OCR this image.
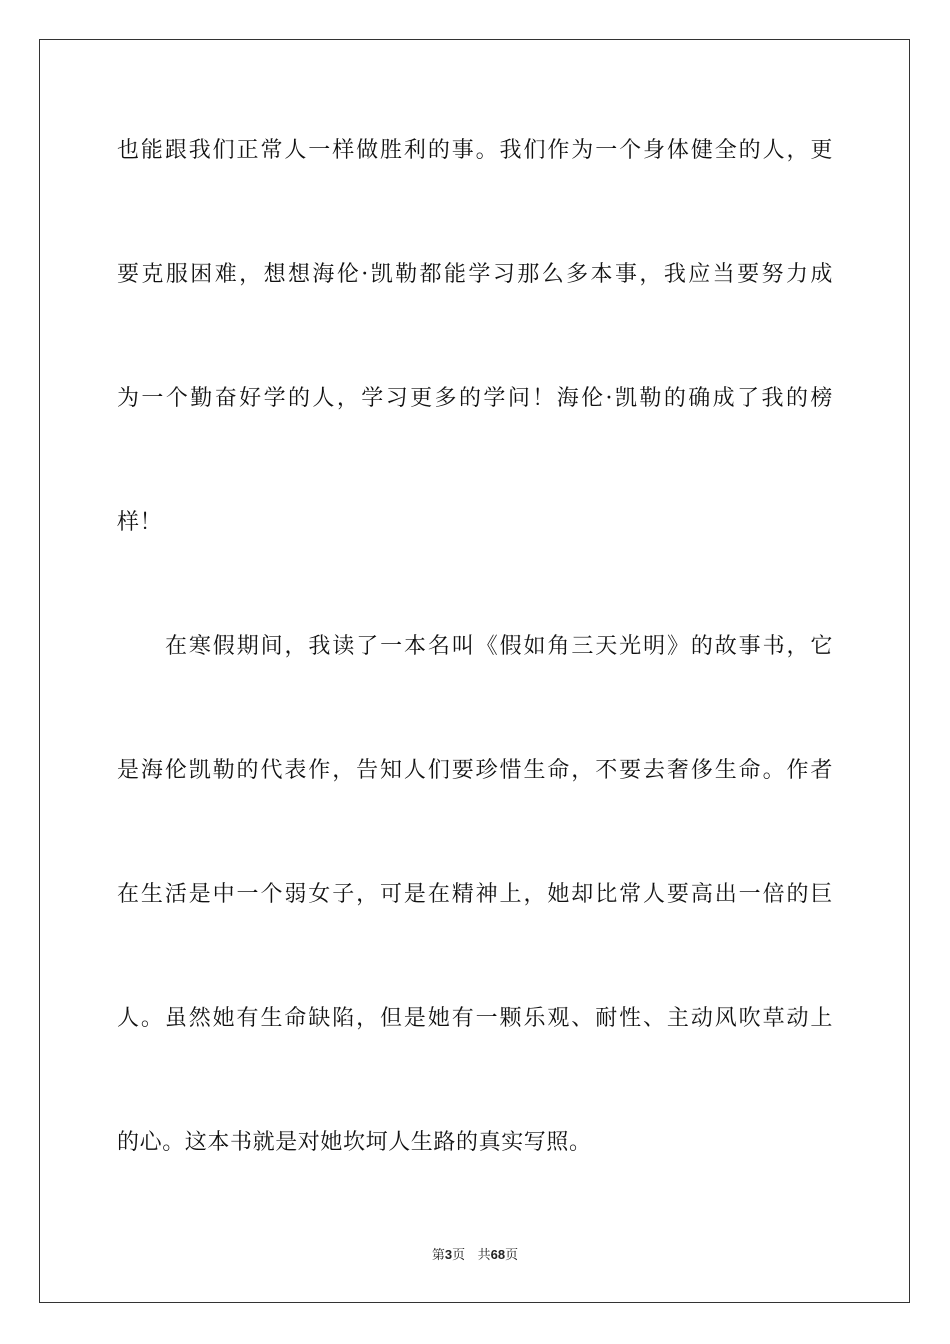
也能跟我们正常人一样做胜利的事。我们作为一个身体健全的人，更
要克服困难，想想海伦·凯勒都能学习那么多本事，我应当要努力成
为一个勤奋好学的人，学习更多的学问！海伦·凯勒的确成了我的榜
样！
在寒假期间，我读了一本名叫《假如角三天光明》的故事书，它
是海伦凯勒的代表作，告知人们要珍惜生命，不要去奢侈生命。作者
在生活是中一个弱女子，可是在精神上，她却比常人要高出一倍的巨
人。虽然她有生命缺陷，但是她有一颗乐观、耐性、主动风吹草动上
的心。这本书就是对她坎坷人生路的真实写照。
第3页 共68页
